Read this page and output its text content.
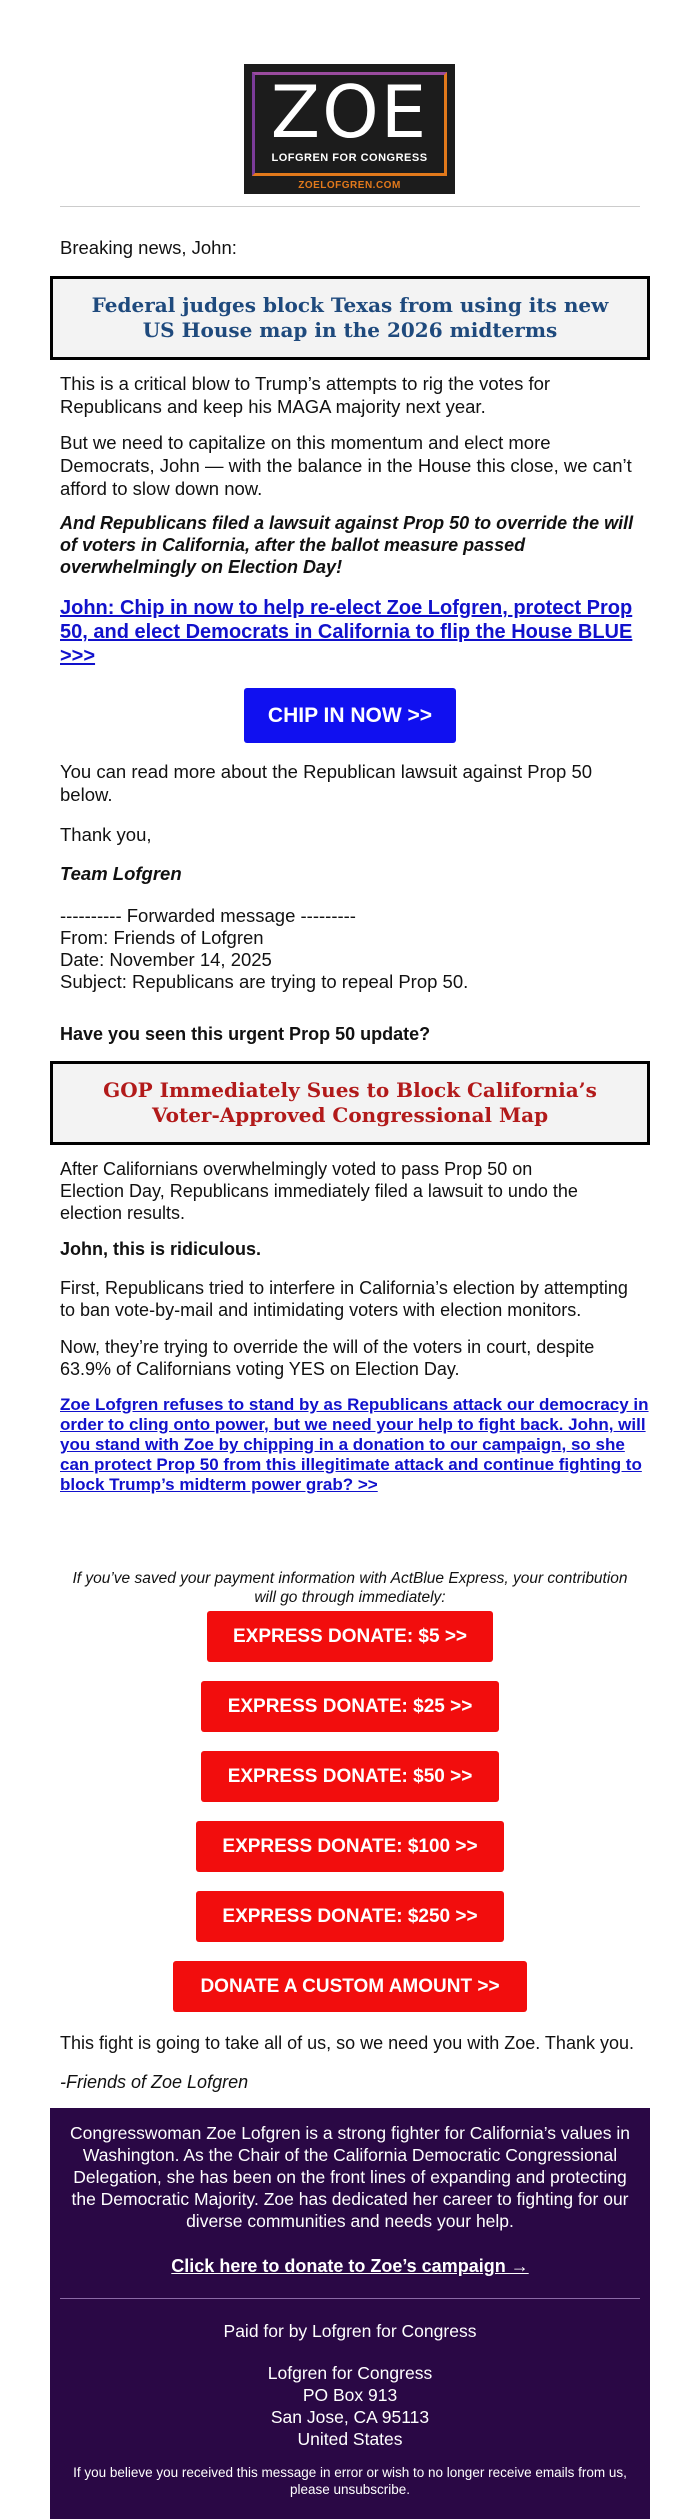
ZOE
LOFGREN FOR CONGRESS
ZOELOFGREN.COM

Breaking news, John:

Federal judges block Texas from using its new US House map in the 2026 midterms

This is a critical blow to Trump’s attempts to rig the votes for Republicans and keep his MAGA majority next year.

But we need to capitalize on this momentum and elect more Democrats, John — with the balance in the House this close, we can’t afford to slow down now.

And Republicans filed a lawsuit against Prop 50 to override the will of voters in California, after the ballot measure passed overwhelmingly on Election Day!

John: Chip in now to help re-elect Zoe Lofgren, protect Prop 50, and elect Democrats in California to flip the House BLUE >>>
CHIP IN NOW >>

You can read more about the Republican lawsuit against Prop 50 below.

Thank you,

Team Lofgren

---------- Forwarded message ---------

From: Friends of Lofgren

Date: November 14, 2025

Subject: Republicans are trying to repeal Prop 50.

Have you seen this urgent Prop 50 update?

GOP Immediately Sues to Block California’s Voter-Approved Congressional Map

After Californians overwhelmingly voted to pass Prop 50 on Election Day, Republicans immediately filed a lawsuit to undo the election results.

John, this is ridiculous.

First, Republicans tried to interfere in California’s election by attempting to ban vote-by-mail and intimidating voters with election monitors.

Now, they’re trying to override the will of the voters in court, despite 63.9% of Californians voting YES on Election Day.

Zoe Lofgren refuses to stand by as Republicans attack our democracy in order to cling onto power, but we need your help to fight back. John, will you stand with Zoe by chipping in a donation to our campaign, so she can protect Prop 50 from this illegitimate attack and continue fighting to block Trump’s midterm power grab? >>

If you’ve saved your payment information with ActBlue Express, your contribution will go through immediately:

EXPRESS DONATE: $5 >>
EXPRESS DONATE: $25 >>
EXPRESS DONATE: $50 >>
EXPRESS DONATE: $100 >>
EXPRESS DONATE: $250 >>
DONATE A CUSTOM AMOUNT >>

This fight is going to take all of us, so we need you with Zoe. Thank you.

-Friends of Zoe Lofgren

Congresswoman Zoe Lofgren is a strong fighter for California’s values in Washington. As the Chair of the California Democratic Congressional Delegation, she has been on the front lines of expanding and protecting the Democratic Majority. Zoe has dedicated her career to fighting for our diverse communities and needs your help.
Click here to donate to Zoe’s campaign →
Paid for by Lofgren for Congress
Lofgren for Congress
PO Box 913
San Jose, CA 95113
United States
If you believe you received this message in error or wish to no longer receive emails from us, please unsubscribe.
